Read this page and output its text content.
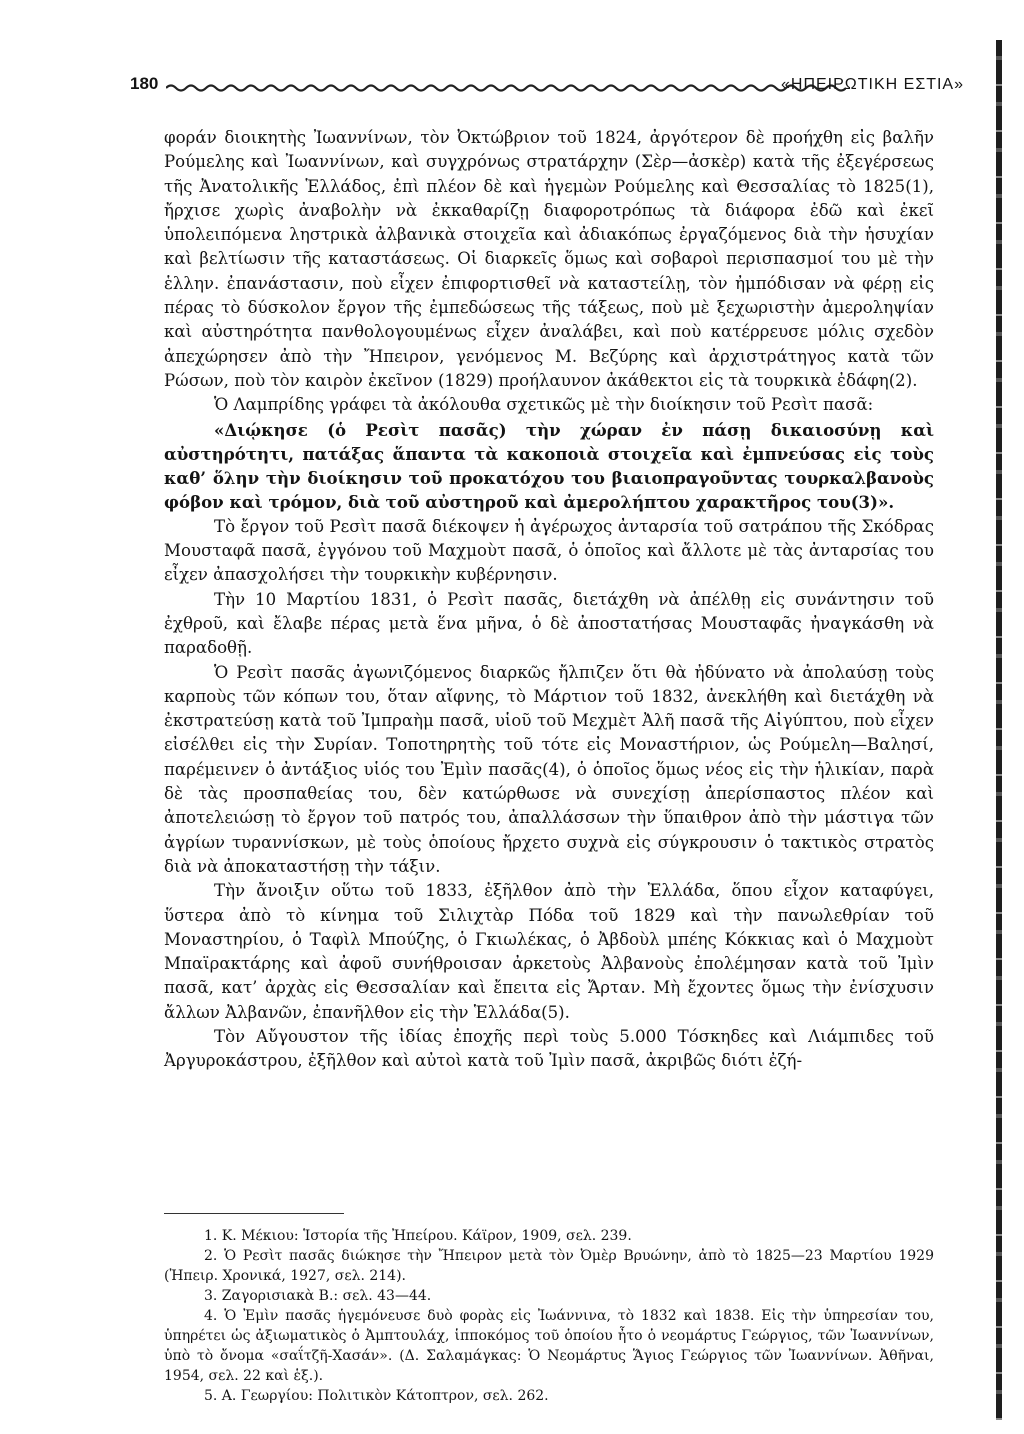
180	«ΗΠΕΙΡΩΤΙΚΗ ΕΣΤΙΑ»

φοράν διοικητὴς Ἰωαννίνων, τὸν Ὀκτώβριον τοῦ 1824, ἀργότερον δὲ προήχθη εἰς βαλῆν Ρούμελης καὶ Ἰωαννίνων, καὶ συγχρόνως στρατάρχην (Σὲρ—ἀσκὲρ) κατὰ τῆς ἐξεγέρσεως τῆς Ἀνατολικῆς Ἑλλάδος, ἐπὶ πλέον δὲ καὶ ἡγεμὼν Ρούμελης καὶ Θεσσαλίας τὸ 1825(1), ἤρχισε χωρὶς ἀναβολὴν νὰ ἐκκαθαρίζῃ διαφοροτρόπως τὰ διάφορα ἐδῶ καὶ ἐκεῖ ὑπολειπόμενα ληστρικὰ ἀλβανικὰ στοιχεῖα καὶ ἀδιακόπως ἐργαζόμενος διὰ τὴν ἡσυχίαν καὶ βελτίωσιν τῆς καταστάσεως. Οἱ διαρκεῖς ὅμως καὶ σοβαροὶ περισπασμοί του μὲ τὴν ἑλλην. ἐπανάστασιν, ποὺ εἶχεν ἐπιφορτισθεῖ νὰ καταστείλῃ, τὸν ἠμπόδισαν νὰ φέρῃ εἰς πέρας τὸ δύσκολον ἔργον τῆς ἐμπεδώσεως τῆς τάξεως, ποὺ μὲ ξεχωριστὴν ἀμεροληψίαν καὶ αὐστηρότητα πανθολογουμένως εἶχεν ἀναλάβει, καὶ ποὺ κατέρρευσε μόλις σχεδὸν ἀπεχώρησεν ἀπὸ τὴν Ἤπειρον, γενόμενος Μ. Βεζύρης καὶ ἀρχιστράτηγος κατὰ τῶν Ρώσων, ποὺ τὸν καιρὸν ἐκεῖνον (1829) προήλαυνον ἀκάθεκτοι εἰς τὰ τουρκικὰ ἐδάφη(2).

Ὁ Λαμπρίδης γράφει τὰ ἀκόλουθα σχετικῶς μὲ τὴν διοίκησιν τοῦ Ρεσὶτ πασᾶ:

«Διῴκησε (ὁ Ρεσὶτ πασᾶς) τὴν χώραν ἐν πάσῃ δικαιοσύνῃ καὶ αὐστηρότητι, πατάξας ἅπαντα τὰ κακοποιὰ στοιχεῖα καὶ ἐμπνεύσας εἰς τοὺς καθ’ ὅλην τὴν διοίκησιν τοῦ προκατόχου του βιαιοπραγοῦντας τουρκαλβανοὺς φόβον καὶ τρόμον, διὰ τοῦ αὐστηροῦ καὶ ἀμερολήπτου χαρακτῆρος του(3)».

Τὸ ἔργον τοῦ Ρεσὶτ πασᾶ διέκοψεν ἡ ἀγέρωχος ἀνταρσία τοῦ σατράπου τῆς Σκόδρας Μουσταφᾶ πασᾶ, ἐγγόνου τοῦ Μαχμοὺτ πασᾶ, ὁ ὁποῖος καὶ ἄλλοτε μὲ τὰς ἀνταρσίας του εἶχεν ἀπασχολήσει τὴν τουρκικὴν κυβέρνησιν.

Τὴν 10 Μαρτίου 1831, ὁ Ρεσὶτ πασᾶς, διετάχθη νὰ ἀπέλθῃ εἰς συνάντησιν τοῦ ἐχθροῦ, καὶ ἔλαβε πέρας μετὰ ἕνα μῆνα, ὁ δὲ ἀποστατήσας Μουσταφᾶς ἠναγκάσθη νὰ παραδοθῇ.

Ὁ Ρεσὶτ πασᾶς ἀγωνιζόμενος διαρκῶς ἤλπιζεν ὅτι θὰ ἠδύνατο νὰ ἀπολαύσῃ τοὺς καρποὺς τῶν κόπων του, ὅταν αἴφνης, τὸ Μάρτιον τοῦ 1832, ἀνεκλήθη καὶ διετάχθη νὰ ἐκστρατεύσῃ κατὰ τοῦ Ἰμπραὴμ πασᾶ, υἱοῦ τοῦ Μεχμὲτ Ἀλῆ πασᾶ τῆς Αἰγύπτου, ποὺ εἶχεν εἰσέλθει εἰς τὴν Συρίαν. Τοποτηρητὴς τοῦ τότε εἰς Μοναστήριον, ὡς Ρούμελη—Βαλησί, παρέμεινεν ὁ ἀντάξιος υἱός του Ἐμὶν πασᾶς(4), ὁ ὁποῖος ὅμως νέος εἰς τὴν ἡλικίαν, παρὰ δὲ τὰς προσπαθείας του, δὲν κατώρθωσε νὰ συνεχίσῃ ἀπερίσπαστος πλέον καὶ ἀποτελειώσῃ τὸ ἔργον τοῦ πατρός του, ἀπαλλάσσων τὴν ὕπαιθρον ἀπὸ τὴν μάστιγα τῶν ἀγρίων τυραννίσκων, μὲ τοὺς ὁποίους ἤρχετο συχνὰ εἰς σύγκρουσιν ὁ τακτικὸς στρατὸς διὰ νὰ ἀποκαταστήσῃ τὴν τάξιν.

Τὴν ἄνοιξιν οὕτω τοῦ 1833, ἐξῆλθον ἀπὸ τὴν Ἑλλάδα, ὅπου εἶχον καταφύγει, ὕστερα ἀπὸ τὸ κίνημα τοῦ Σιλιχτὰρ Πόδα τοῦ 1829 καὶ τὴν πανωλεθρίαν τοῦ Μοναστηρίου, ὁ Ταφὶλ Μπούζης, ὁ Γκιωλέκας, ὁ Ἀβδοὺλ μπέης Κόκκιας καὶ ὁ Μαχμοὺτ Μπαϊρακτάρης καὶ ἀφοῦ συνήθροισαν ἀρκετοὺς Ἀλβανοὺς ἐπολέμησαν κατὰ τοῦ Ἰμὶν πασᾶ, κατ’ ἀρχὰς εἰς Θεσσαλίαν καὶ ἔπειτα εἰς Ἄρταν. Μὴ ἔχοντες ὅμως τὴν ἐνίσχυσιν ἄλλων Ἀλβανῶν, ἐπανῆλθον εἰς τὴν Ἑλλάδα(5).

Τὸν Αὔγουστον τῆς ἰδίας ἐποχῆς περὶ τοὺς 5.000 Τόσκηδες καὶ Λιάμπιδες τοῦ Ἀργυροκάστρου, ἐξῆλθον καὶ αὐτοὶ κατὰ τοῦ Ἰμὶν πασᾶ, ἀκριβῶς διότι ἐζή-

1. Κ. Μέκιου: Ἱστορία τῆς Ἠπείρου. Κάϊρον, 1909, σελ. 239.

2. Ὁ Ρεσὶτ πασᾶς διώκησε τὴν Ἤπειρον μετὰ τὸν Ὀμὲρ Βρυώνην, ἀπὸ τὸ 1825—23 Μαρτίου 1929 (Ἠπειρ. Χρονικά, 1927, σελ. 214).

3. Ζαγορισιακὰ Β.: σελ. 43—44.

4. Ὁ Ἐμὶν πασᾶς ἡγεμόνευσε δυὸ φορὰς εἰς Ἰωάννινα, τὸ 1832 καὶ 1838. Εἰς τὴν ὑπηρεσίαν του, ὑπηρέτει ὡς ἀξιωματικὸς ὁ Ἀμπτουλάχ, ἱπποκόμος τοῦ ὁποίου ἦτο ὁ νεομάρτυς Γεώργιος, τῶν Ἰωαννίνων, ὑπὸ τὸ ὄνομα «σαΐτζῆ-Χασάν». (Δ. Σαλαμάγκας: Ὁ Νεομάρτυς Ἅγιος Γεώργιος τῶν Ἰωαννίνων. Ἀθῆναι, 1954, σελ. 22 καὶ ἑξ.).

5. Α. Γεωργίου: Πολιτικὸν Κάτοπτρον, σελ. 262.
